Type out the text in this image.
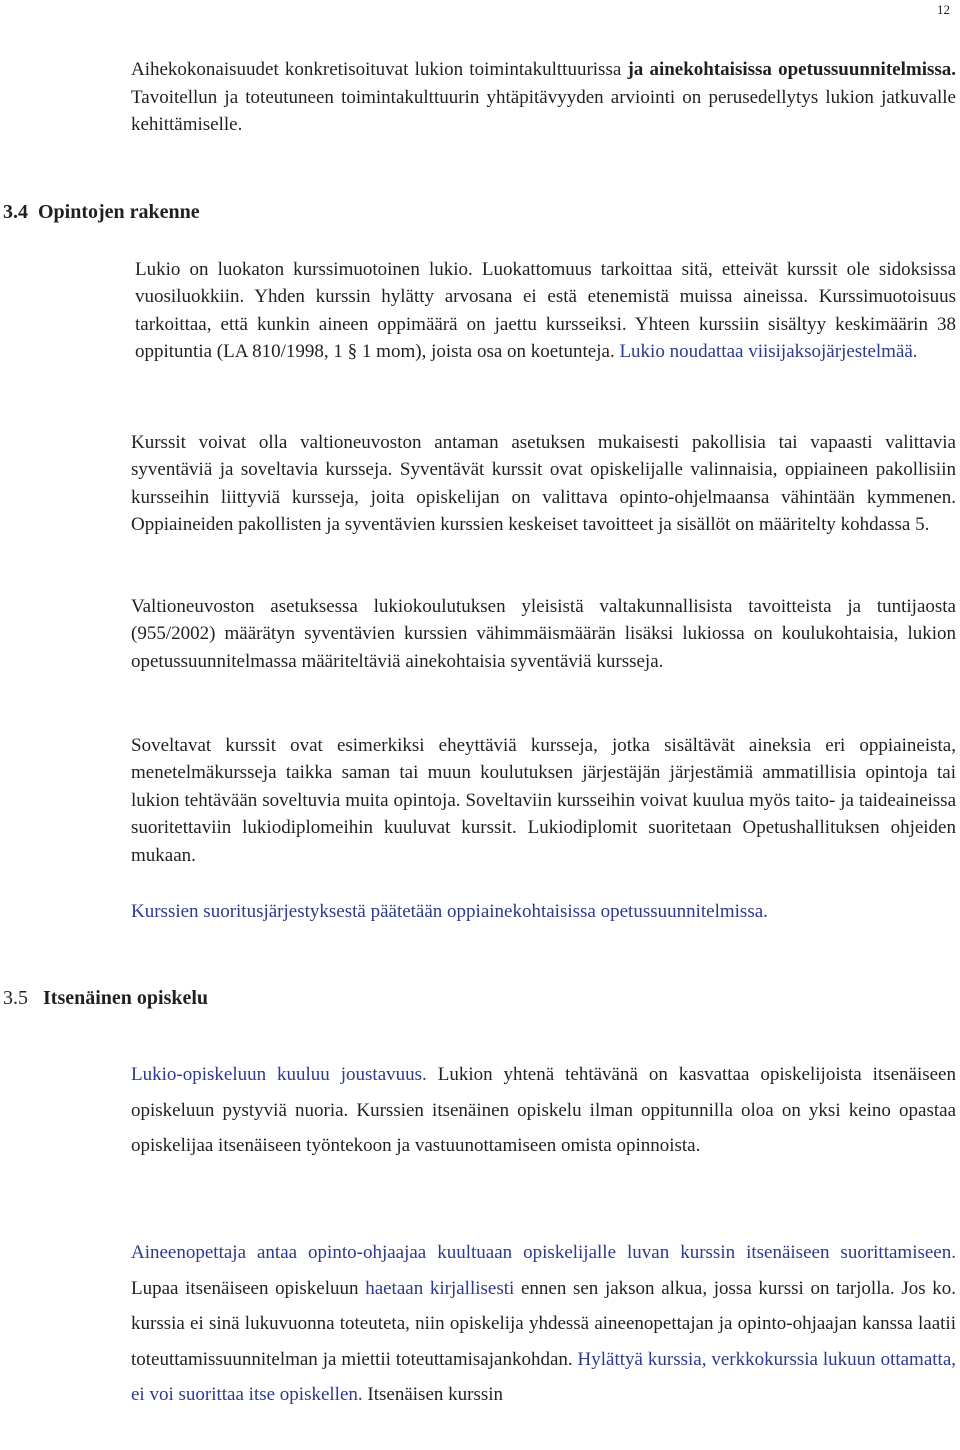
12
Aihekokonaisuudet konkretisoituvat lukion toimintakulttuurissa ja ainekohtaisissa opetussuunnitelmissa. Tavoitellun ja toteutuneen toimintakulttuurin yhtäpitävyyden arviointi on perusedellytys lukion jatkuvalle kehittämiselle.
3.4 Opintojen rakenne
Lukio on luokaton kurssimuotoinen lukio. Luokattomuus tarkoittaa sitä, etteivät kurssit ole sidoksissa vuosiluokkiin. Yhden kurssin hylätty arvosana ei estä etenemistä muissa aineissa. Kurssimuotoisuus tarkoittaa, että kunkin aineen oppimäärä on jaettu kursseiksi. Yhteen kurssiin sisältyy keskimäärin 38 oppituntia (LA 810/1998, 1 § 1 mom), joista osa on koetunteja. Lukio noudattaa viisijaksojärjestelmää.
Kurssit voivat olla valtioneuvoston antaman asetuksen mukaisesti pakollisia tai vapaasti valittavia syventäviä ja soveltavia kursseja. Syventävät kurssit ovat opiskelijalle valinnaisia, oppiaineen pakollisiin kursseihin liittyviä kursseja, joita opiskelijan on valittava opinto-ohjelmaansa vähintään kymmenen. Oppiaineiden pakollisten ja syventävien kurssien keskeiset tavoitteet ja sisällöt on määritelty kohdassa 5.
Valtioneuvoston asetuksessa lukiokoulutuksen yleisistä valtakunnallisista tavoitteista ja tuntijaosta (955/2002) määrätyn syventävien kurssien vähimmäismäärän lisäksi lukiossa on koulukohtaisia, lukion opetussuunnitelmassa määriteltäviä ainekohtaisia syventäviä kursseja.
Soveltavat kurssit ovat esimerkiksi eheyttäviä kursseja, jotka sisältävät aineksia eri oppiaineista, menetelmäkursseja taikka saman tai muun koulutuksen järjestäjän järjestämiä ammatillisia opintoja tai lukion tehtävään soveltuvia muita opintoja. Soveltaviin kursseihin voivat kuulua myös taito- ja taideaineissa suoritettaviin lukiodiplomeihin kuuluvat kurssit. Lukiodiplomit suoritetaan Opetushallituksen ohjeiden mukaan.
Kurssien suoritusjärjestyksestä päätetään oppiainekohtaisissa opetussuunnitelmissa.
3.5 Itsenäinen opiskelu
Lukio-opiskeluun kuuluu joustavuus. Lukion yhtenä tehtävänä on kasvattaa opiskelijoista itsenäiseen opiskeluun pystyviä nuoria. Kurssien itsenäinen opiskelu ilman oppitunnilla oloa on yksi keino opastaa opiskelijaa itsenäiseen työntekoon ja vastuunottamiseen omista opinnoista.
Aineenopettaja antaa opinto-ohjaajaa kuultuaan opiskelijalle luvan kurssin itsenäiseen suorittamiseen. Lupaa itsenäiseen opiskeluun haetaan kirjallisesti ennen sen jakson alkua, jossa kurssi on tarjolla. Jos ko. kurssia ei sinä lukuvuonna toteuteta, niin opiskelija yhdessä aineenopettajan ja opinto-ohjaajan kanssa laatii toteuttamissuunnitelman ja miettii toteuttamisajankohdan. Hylättyä kurssia, verkkokurssia lukuun ottamatta, ei voi suorittaa itse opiskellen. Itsenäisen kurssin
